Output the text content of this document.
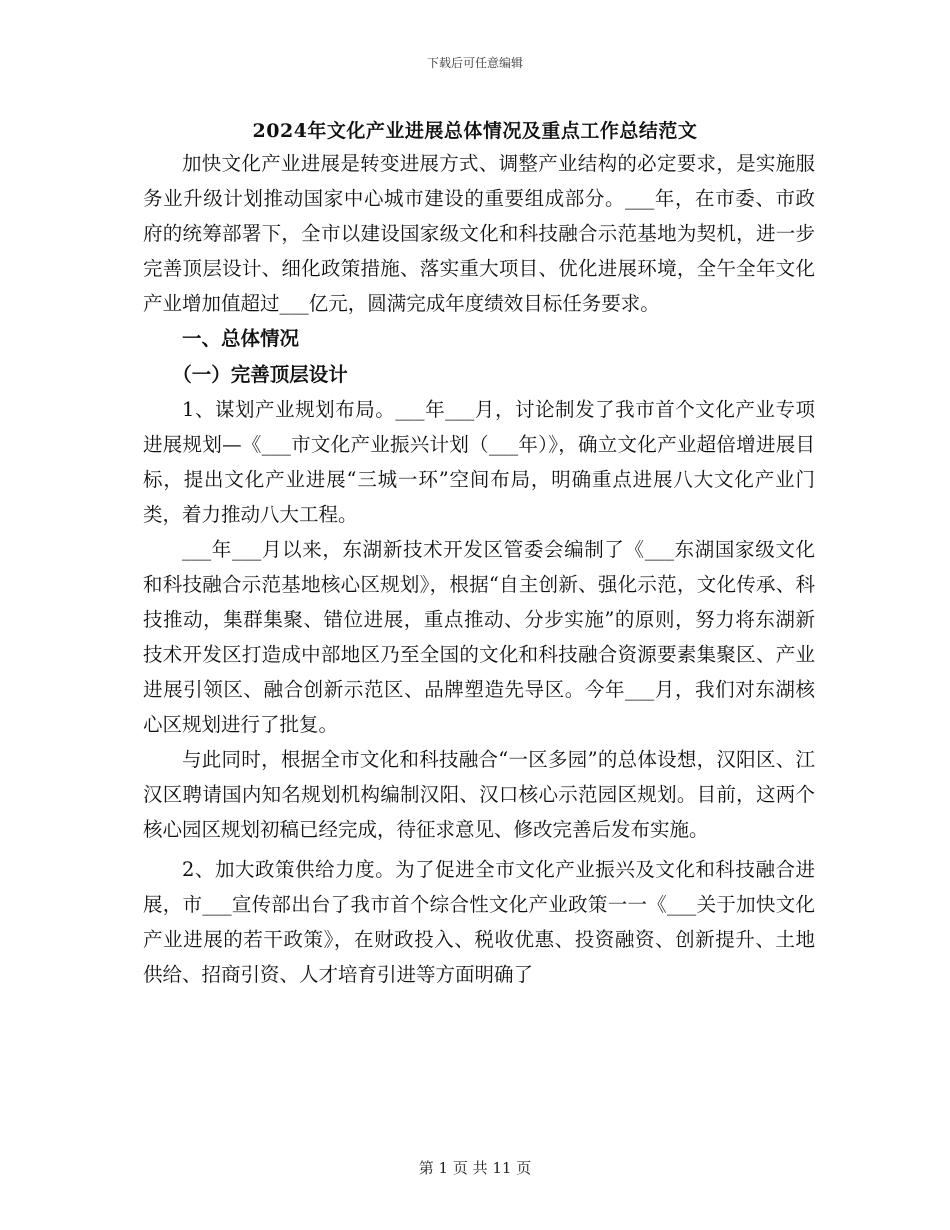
下载后可任意编辑
2024年文化产业进展总体情况及重点工作总结范文

加快文化产业进展是转变进展方式、调整产业结构的必定要求，是实施服务业升级计划推动国家中心城市建设的重要组成部分。___年，在市委、市政府的统筹部署下，全市以建设国家级文化和科技融合示范基地为契机，进一步完善顶层设计、细化政策措施、落实重大项目、优化进展环境，全午全年文化产业增加值超过___亿元，圆满完成年度绩效目标任务要求。

一、总体情况

（一）完善顶层设计

1、谋划产业规划布局。___年___月，讨论制发了我市首个文化产业专项进展规划—《___市文化产业振兴计划（___年）》，确立文化产业超倍增进展目标，提出文化产业进展“三城一环”空间布局，明确重点进展八大文化产业门类，着力推动八大工程。

___年___月以来，东湖新技术开发区管委会编制了《___东湖国家级文化和科技融合示范基地核心区规划》，根据“自主创新、强化示范，文化传承、科技推动，集群集聚、错位进展，重点推动、分步实施”的原则，努力将东湖新技术开发区打造成中部地区乃至全国的文化和科技融合资源要素集聚区、产业进展引领区、融合创新示范区、品牌塑造先导区。今年___月，我们对东湖核心区规划进行了批复。

与此同时，根据全市文化和科技融合“一区多园”的总体设想，汉阳区、江汉区聘请国内知名规划机构编制汉阳、汉口核心示范园区规划。目前，这两个核心园区规划初稿已经完成，待征求意见、修改完善后发布实施。

2、加大政策供给力度。为了促进全市文化产业振兴及文化和科技融合进展，市___宣传部出台了我市首个综合性文化产业政策一一《___关于加快文化产业进展的若干政策》，在财政投入、税收优惠、投资融资、创新提升、土地供给、招商引资、人才培育引进等方面明确了

第 1 页 共 11 页
